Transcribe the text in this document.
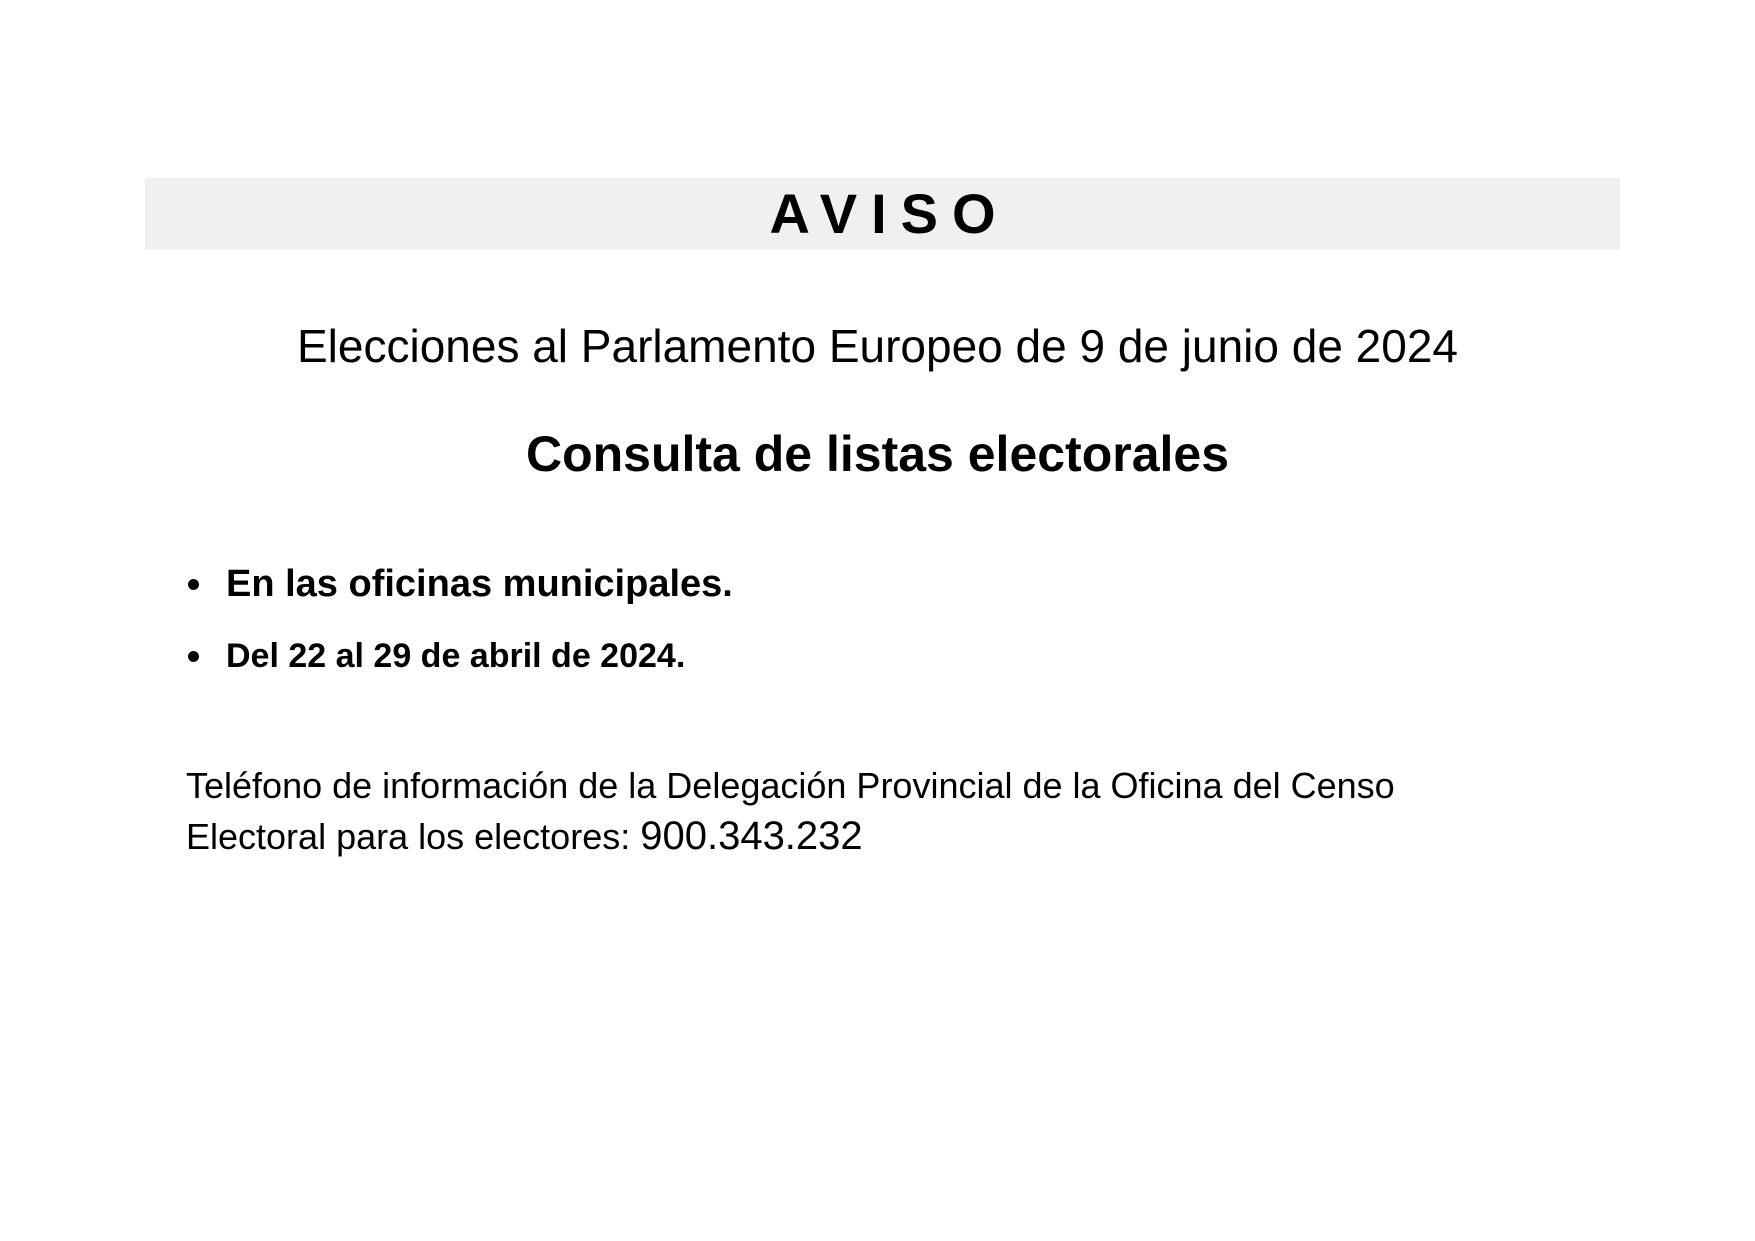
AVISO
Elecciones al Parlamento Europeo de 9 de junio de 2024
Consulta de listas electorales
En las oficinas municipales.
Del 22 al 29 de abril de 2024.
Teléfono de información de la Delegación Provincial de la Oficina del Censo
Electoral para los electores: 900.343.232
